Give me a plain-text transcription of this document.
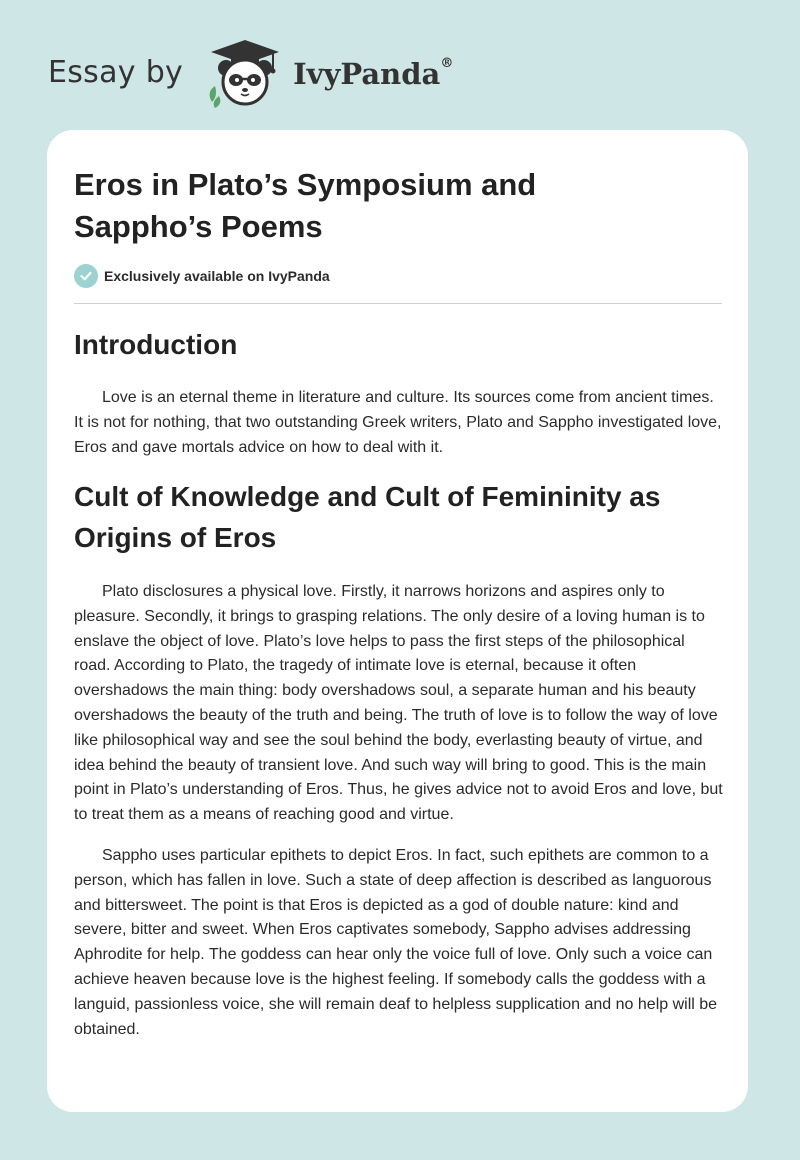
Essay by	IvyPanda®
Eros in Plato’s Symposium and Sappho’s Poems
Exclusively available on IvyPanda
Introduction

Love is an eternal theme in literature and culture. Its sources come from ancient times. It is not for nothing, that two outstanding Greek writers, Plato and Sappho investigated love, Eros and gave mortals advice on how to deal with it.

Cult of Knowledge and Cult of Femininity as Origins of Eros

Plato disclosures a physical love. Firstly, it narrows horizons and aspires only to pleasure. Secondly, it brings to grasping relations. The only desire of a loving human is to enslave the object of love. Plato’s love helps to pass the first steps of the philosophical road. According to Plato, the tragedy of intimate love is eternal, because it often overshadows the main thing: body overshadows soul, a separate human and his beauty overshadows the beauty of the truth and being. The truth of love is to follow the way of love like philosophical way and see the soul behind the body, everlasting beauty of virtue, and idea behind the beauty of transient love. And such way will bring to good. This is the main point in Plato’s understanding of Eros. Thus, he gives advice not to avoid Eros and love, but to treat them as a means of reaching good and virtue.

Sappho uses particular epithets to depict Eros. In fact, such epithets are common to a person, which has fallen in love. Such a state of deep affection is described as languorous and bittersweet. The point is that Eros is depicted as a god of double nature: kind and severe, bitter and sweet. When Eros captivates somebody, Sappho advises addressing Aphrodite for help. The goddess can hear only the voice full of love. Only such a voice can achieve heaven because love is the highest feeling. If somebody calls the goddess with a languid, passionless voice, she will remain deaf to helpless supplication and no help will be obtained.
